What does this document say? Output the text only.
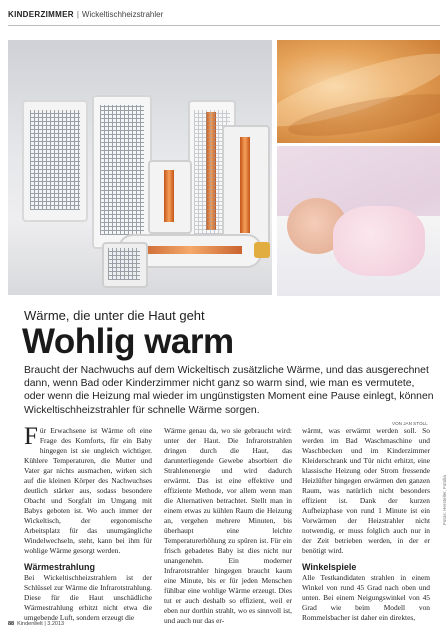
KINDERZIMMER | Wickeltischheizstrahler
Wärme, die unter die Haut geht
Wohlig warm
Braucht der Nachwuchs auf dem Wickeltisch zusätzliche Wärme, und das ausgerechnet dann, wenn Bad oder Kinderzimmer nicht ganz so warm sind, wie man es vermutete, oder wenn die Heizung mal wieder im ungünstigsten Moment eine Pause einlegt, können Wickeltischheizstrahler für schnelle Wärme sorgen.
VON JAN STOLL

Für Erwachsene ist Wärme oft eine Frage des Komforts, für ein Baby hingegen ist sie ungleich wichtiger. Kühlere Temperaturen, die Mutter und Vater gar nichts ausmachen, wirken sich auf die kleinen Körper des Nachwuchses deutlich stärker aus, sodass besondere Obacht und Sorgfalt im Umgang mit Babys geboten ist. Wo auch immer der Wickeltisch, der ergonomische Arbeitsplatz für das unumgängliche Windelwechseln, steht, kann bei ihm für wohlige Wärme gesorgt werden.

Wärmestrahlung

Bei Wickeltischheizstrahlern ist der Schlüssel zur Wärme die Infrarotstrahlung. Diese für die Haut unschädliche Wärmestrahlung erhitzt nicht etwa die umgebende Luft, sondern erzeugt die

Wärme genau da, wo sie gebraucht wird: unter der Haut. Die Infrarotstrahlen dringen durch die Haut, das darunterliegende Gewebe absorbiert die Strahlenenergie und wird dadurch erwärmt. Das ist eine effektive und effiziente Methode, vor allem wenn man die Alternativen betrachtet. Stellt man in einem etwas zu kühlen Raum die Heizung an, vergehen mehrere Minuten, bis überhaupt eine leichte Temperaturerhöhung zu spüren ist. Für ein frisch gebadetes Baby ist dies nicht nur unangenehm. Ein moderner Infrarotstrahler hingegen braucht kaum eine Minute, bis er für jeden Menschen fühlbar eine wohlige Wärme erzeugt. Dies tut er auch deshalb so effizient, weil er eben nur dorthin strahlt, wo es sinnvoll ist, und auch nur das er-

wärmt, was erwärmt werden soll. So werden im Bad Waschmaschine und Waschbecken und im Kinderzimmer Kleiderschrank und Tür nicht erhitzt, eine klassische Heizung oder Strom fressende Heizlüfter hingegen erwärmen den ganzen Raum, was natürlich nicht besonders effizient ist. Dank der kurzen Aufheizphase von rund 1 Minute ist ein Vorwärmen der Heizstrahler nicht notwendig, er muss folglich auch nur in der Zeit betrieben werden, in der er benötigt wird.

Winkelspiele

Alle Testkandidaten strahlen in einem Winkel von rund 45 Grad nach oben und unten. Bei einem Neigungswinkel von 45 Grad wie beim Modell von Rommelsbacher ist daher ein direktes,

Fotos: Hersteller, Fotolia
88 Kinderwelt | 3.2013
